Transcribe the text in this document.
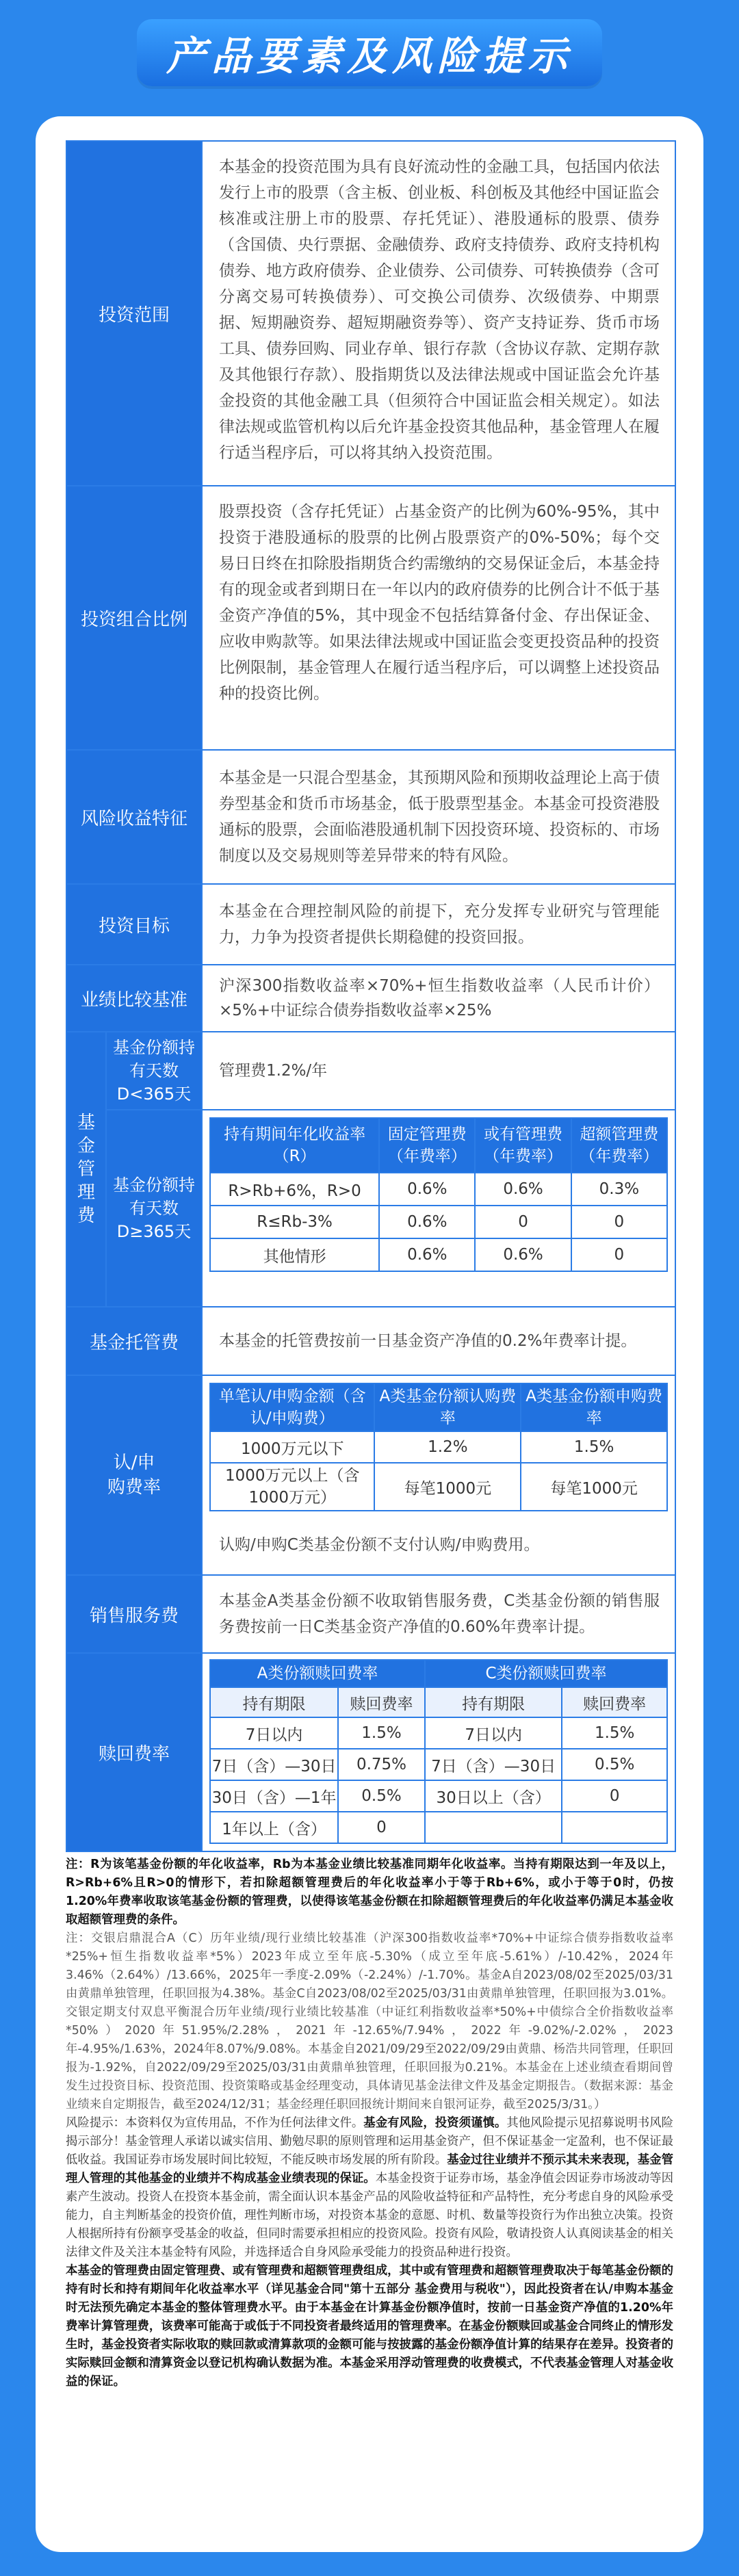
产品要素及风险提示
投资范围
本基金的投资范围为具有良好流动性的金融工具，包括国内依法发行上市的股票（含主板、创业板、科创板及其他经中国证监会核准或注册上市的股票、存托凭证）、港股通标的股票、债券（含国债、央行票据、金融债券、政府支持债券、政府支持机构债券、地方政府债券、企业债券、公司债券、可转换债券（含可分离交易可转换债券）、可交换公司债券、次级债券、中期票据、短期融资券、超短期融资券等）、资产支持证券、货币市场工具、债券回购、同业存单、银行存款（含协议存款、定期存款及其他银行存款）、股指期货以及法律法规或中国证监会允许基金投资的其他金融工具（但须符合中国证监会相关规定）。如法律法规或监管机构以后允许基金投资其他品种，基金管理人在履行适当程序后，可以将其纳入投资范围。
投资组合比例
股票投资（含存托凭证）占基金资产的比例为60%-95%，其中投资于港股通标的股票的比例占股票资产的0%-50%；每个交易日日终在扣除股指期货合约需缴纳的交易保证金后，本基金持有的现金或者到期日在一年以内的政府债券的比例合计不低于基金资产净值的5%，其中现金不包括结算备付金、存出保证金、应收申购款等。如果法律法规或中国证监会变更投资品种的投资比例限制，基金管理人在履行适当程序后，可以调整上述投资品种的投资比例。
风险收益特征
本基金是一只混合型基金，其预期风险和预期收益理论上高于债券型基金和货币市场基金，低于股票型基金。本基金可投资港股通标的股票，会面临港股通机制下因投资环境、投资标的、市场制度以及交易规则等差异带来的特有风险。
投资目标
本基金在合理控制风险的前提下，充分发挥专业研究与管理能力，力争为投资者提供长期稳健的投资回报。
业绩比较基准
沪深300指数收益率×70%+恒生指数收益率（人民币计价）×5%+中证综合债券指数收益率×25%
基金管理费
基金份额持有天数D<365天
管理费1.2%/年
基金份额持有天数D≥365天
持有期间年化收益率（R）	固定管理费（年费率）	或有管理费（年费率）	超额管理费（年费率）
R>Rb+6%，R>0	0.6%	0.6%	0.3%
R≤Rb-3%	0.6%	0	0
其他情形	0.6%	0.6%	0
基金托管费	本基金的托管费按前一日基金资产净值的0.2%年费率计提。
认/申购费率
单笔认/申购金额（含认/申购费）	A类基金份额认购费率	A类基金份额申购费率
1000万元以下	1.2%	1.5%
1000万元以上（含1000万元）	每笔1000元	每笔1000元
认购/申购C类基金份额不支付认购/申购费用。
销售服务费
本基金A类基金份额不收取销售服务费，C类基金份额的销售服务费按前一日C类基金资产净值的0.60%年费率计提。
赎回费率
A类份额赎回费率		C类份额赎回费率	
持有期限	赎回费率	持有期限	赎回费率
7日以内	1.5%	7日以内	1.5%
7日（含）—30日	0.75%	7日（含）—30日	0.5%
30日（含）—1年	0.5%	30日以上（含）	0
1年以上（含）	0		

注：R为该笔基金份额的年化收益率，Rb为本基金业绩比较基准同期年化收益率。当持有期限达到一年及以上，R>Rb+6%且R>0的情形下，若扣除超额管理费后的年化收益率小于等于Rb+6%，或小于等于0时，仍按1.20%年费率收取该笔基金份额的管理费，以使得该笔基金份额在扣除超额管理费后的年化收益率仍满足本基金收取超额管理费的条件。

注：交银启鼎混合A（C）历年业绩/现行业绩比较基准（沪深300指数收益率*70%+中证综合债券指数收益率*25%+恒生指数收益率*5%）2023年成立至年底-5.30%（成立至年底-5.61%）/-10.42%，2024年3.46%（2.64%）/13.66%，2025年一季度-2.09%（-2.24%）/-1.70%。基金A自2023/08/02至2025/03/31由黄鼎单独管理，任职回报为4.38%。基金C自2023/08/02至2025/03/31由黄鼎单独管理，任职回报为3.01%。交银定期支付双息平衡混合历年业绩/现行业绩比较基准（中证红利指数收益率*50%+中债综合全价指数收益率*50%）2020年51.95%/2.28%，2021年-12.65%/7.94%，2022年-9.02%/-2.02%，2023年-4.95%/1.63%，2024年8.07%/9.08%。本基金自2021/09/29至2022/09/29由黄鼎、杨浩共同管理，任职回报为-1.92%，自2022/09/29至2025/03/31由黄鼎单独管理，任职回报为0.21%。本基金在上述业绩查看期间曾发生过投资目标、投资范围、投资策略或基金经理变动，具体请见基金法律文件及基金定期报告。（数据来源：基金业绩来自定期报告，截至2024/12/31；基金经理任职回报统计期间来自银河证券，截至2025/3/31。）

风险提示：本资料仅为宣传用品，不作为任何法律文件。基金有风险，投资须谨慎。其他风险提示见招募说明书风险揭示部分！基金管理人承诺以诚实信用、勤勉尽职的原则管理和运用基金资产，但不保证基金一定盈利，也不保证最低收益。我国证券市场发展时间比较短，不能反映市场发展的所有阶段。基金过往业绩并不预示其未来表现，基金管理人管理的其他基金的业绩并不构成基金业绩表现的保证。本基金投资于证券市场，基金净值会因证券市场波动等因素产生波动。投资人在投资本基金前，需全面认识本基金产品的风险收益特征和产品特性，充分考虑自身的风险承受能力，自主判断基金的投资价值，理性判断市场，对投资本基金的意愿、时机、数量等投资行为作出独立决策。投资人根据所持有份额享受基金的收益，但同时需要承担相应的投资风险。投资有风险，敬请投资人认真阅读基金的相关法律文件及关注本基金特有风险，并选择适合自身风险承受能力的投资品种进行投资。

本基金的管理费由固定管理费、或有管理费和超额管理费组成，其中或有管理费和超额管理费取决于每笔基金份额的持有时长和持有期间年化收益率水平（详见基金合同"第十五部分 基金费用与税收"），因此投资者在认/申购本基金时无法预先确定本基金的整体管理费水平。由于本基金在计算基金份额净值时，按前一日基金资产净值的1.20%年费率计算管理费，该费率可能高于或低于不同投资者最终适用的管理费率。在基金份额赎回或基金合同终止的情形发生时，基金投资者实际收取的赎回款或清算款项的金额可能与按披露的基金份额净值计算的结果存在差异。投资者的实际赎回金额和清算资金以登记机构确认数据为准。本基金采用浮动管理费的收费模式，不代表基金管理人对基金收益的保证。
